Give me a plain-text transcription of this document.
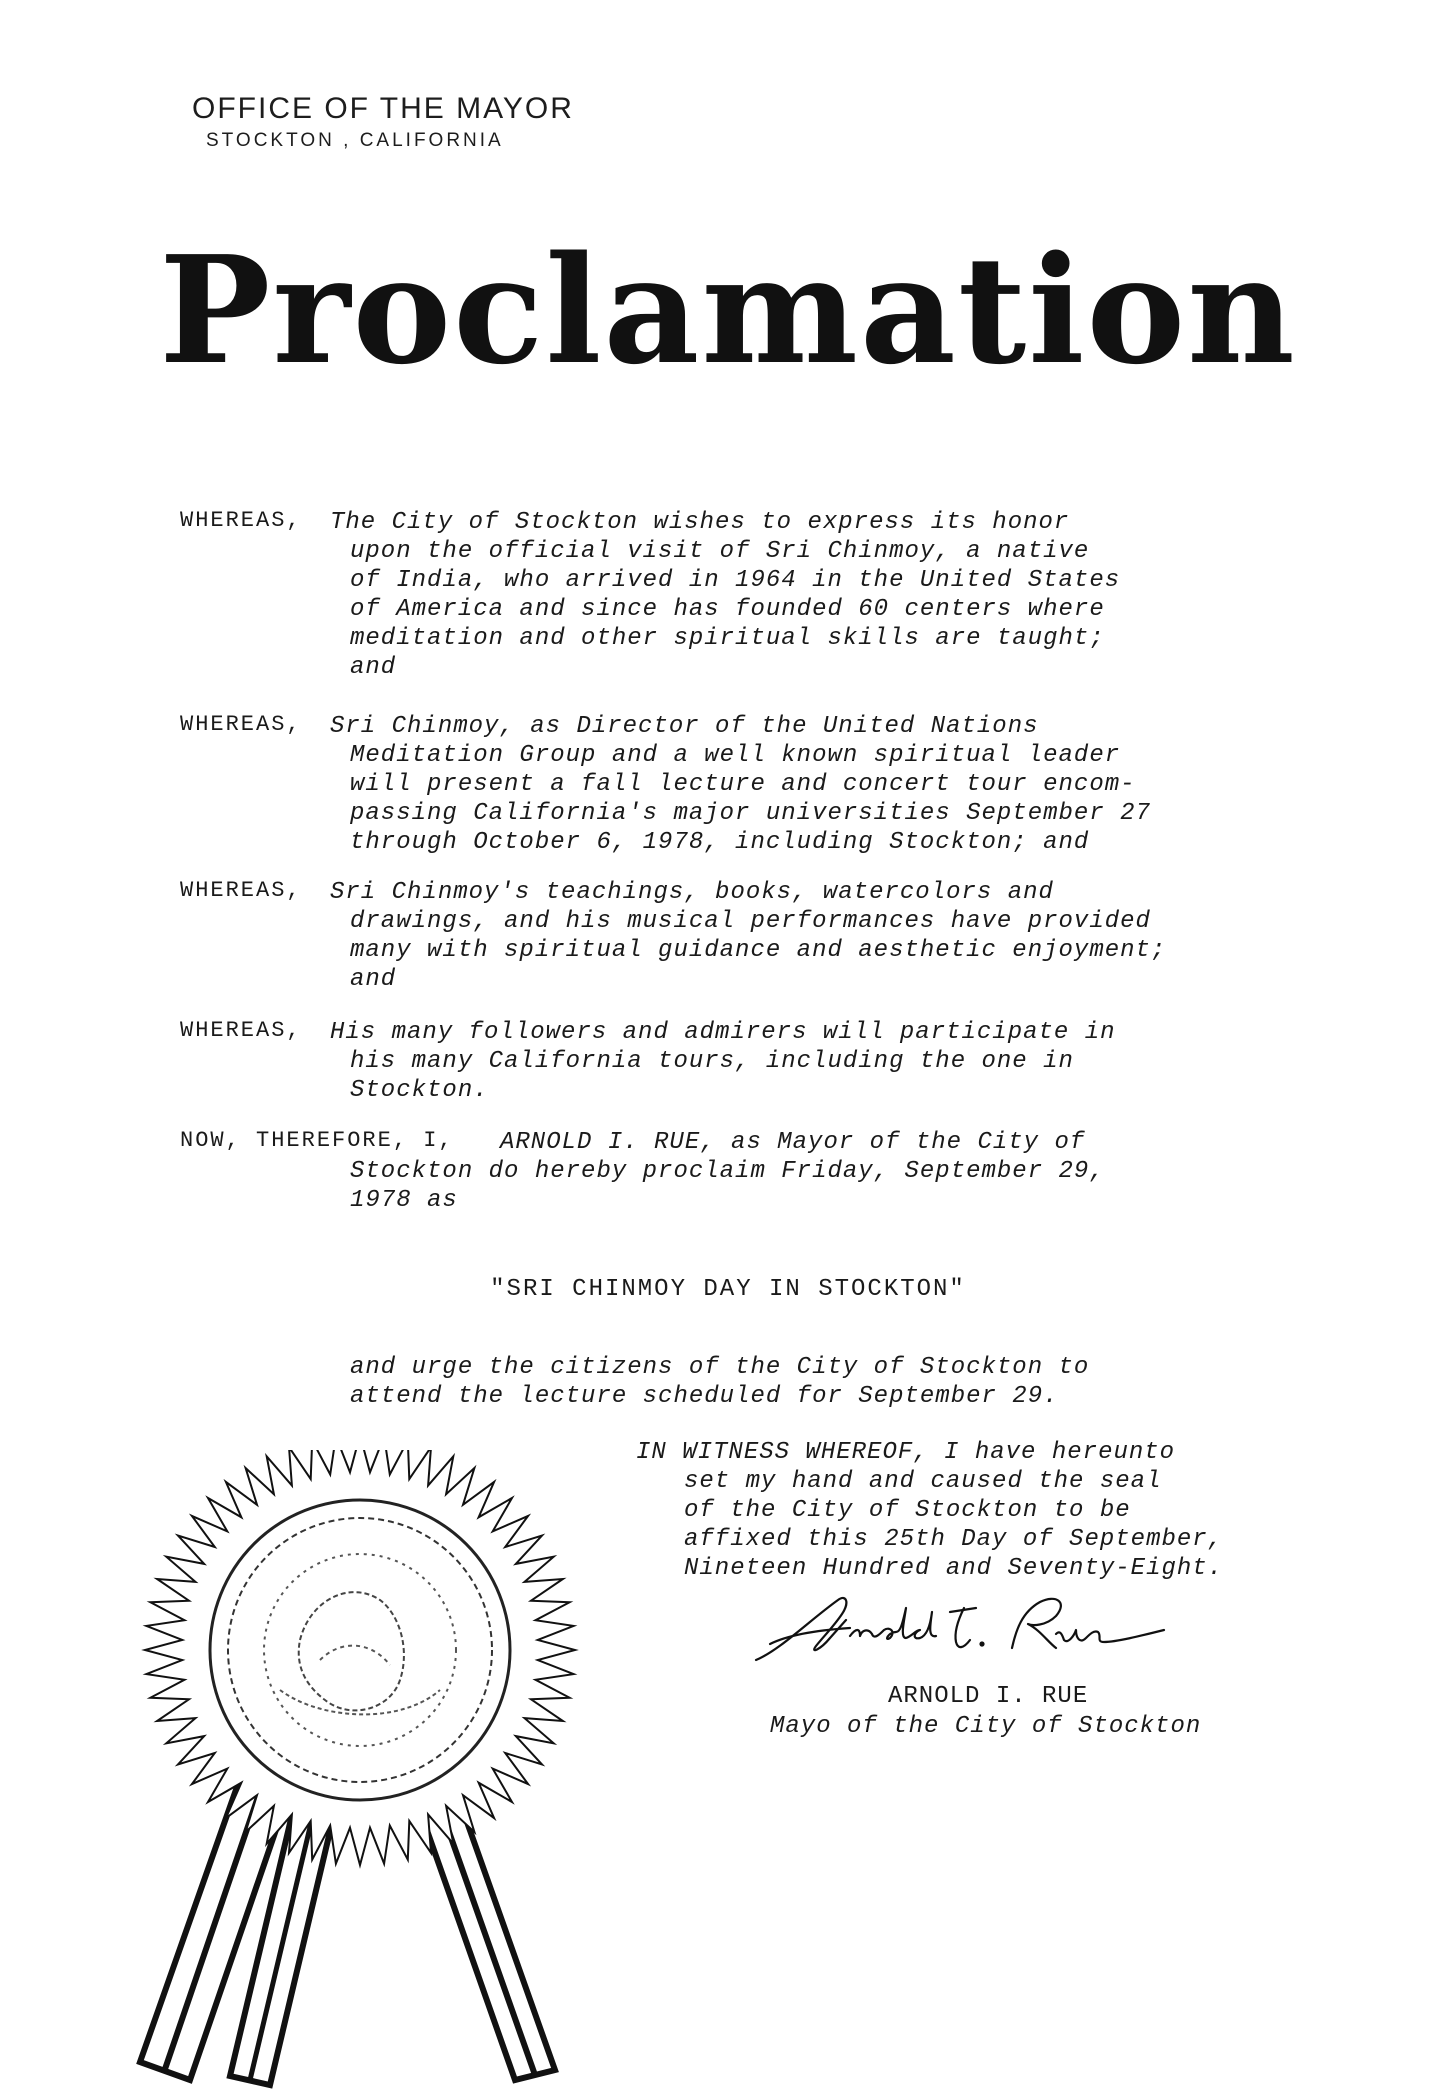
OFFICE OF THE MAYOR
STOCKTON , CALIFORNIA
Proclamation
WHEREAS,	The City of Stockton wishes to express its honor
upon the official visit of Sri Chinmoy, a native
of India, who arrived in 1964 in the United States
of America and since has founded 60 centers where
meditation and other spiritual skills are taught;
and
WHEREAS,	Sri Chinmoy, as Director of the United Nations
Meditation Group and a well known spiritual leader
will present a fall lecture and concert tour encom-
passing California's major universities September 27
through October 6, 1978, including Stockton; and
WHEREAS,	Sri Chinmoy's teachings, books, watercolors and
drawings, and his musical performances have provided
many with spiritual guidance and aesthetic enjoyment;
and
WHEREAS,	His many followers and admirers will participate in
his many California tours, including the one in
Stockton.
NOW, THEREFORE, I,	ARNOLD I. RUE, as Mayor of the City of
Stockton do hereby proclaim Friday, September 29,
1978 as
"SRI CHINMOY DAY IN STOCKTON"
and urge the citizens of the City of Stockton to
attend the lecture scheduled for September 29.
IN WITNESS WHEREOF, I have hereunto
set my hand and caused the seal
of the City of Stockton to be
affixed this 25th Day of September,
Nineteen Hundred and Seventy-Eight.
ARNOLD I. RUE
Mayo of the City of Stockton
